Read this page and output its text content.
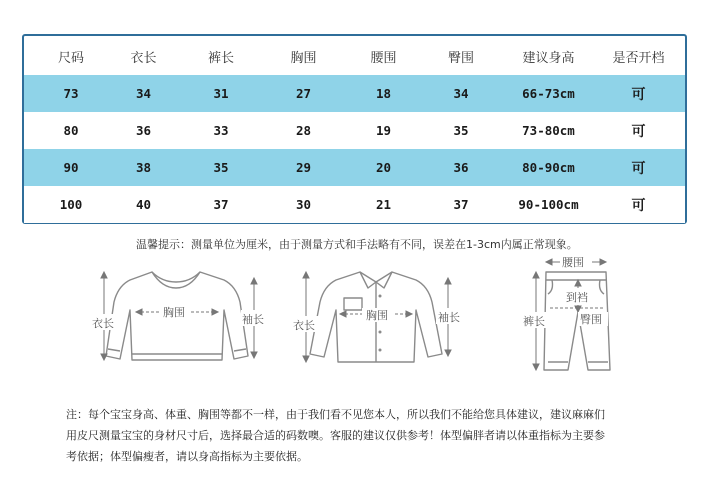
尺码	衣长	裤长	胸围	腰围	臀围	建议身高	是否开档
73	34	31	27	18	34	66-73cm	可
80	36	33	28	19	35	73-80cm	可
90	38	35	29	20	36	80-90cm	可
100	40	37	30	21	37	90-100cm	可
温馨提示：测量单位为厘米，由于测量方式和手法略有不同，误差在1-3cm内属正常现象。
衣长
胸围
袖长	衣长
胸围	袖长
腰围
到裆
臀围
裤长
注：每个宝宝身高、体重、胸围等都不一样，由于我们看不见您本人，所以我们不能给您具体建议，建议麻麻们
用皮尺测量宝宝的身材尺寸后，选择最合适的码数噢。客服的建议仅供参考！体型偏胖者请以体重指标为主要参
考依据；体型偏瘦者，请以身高指标为主要依据。
